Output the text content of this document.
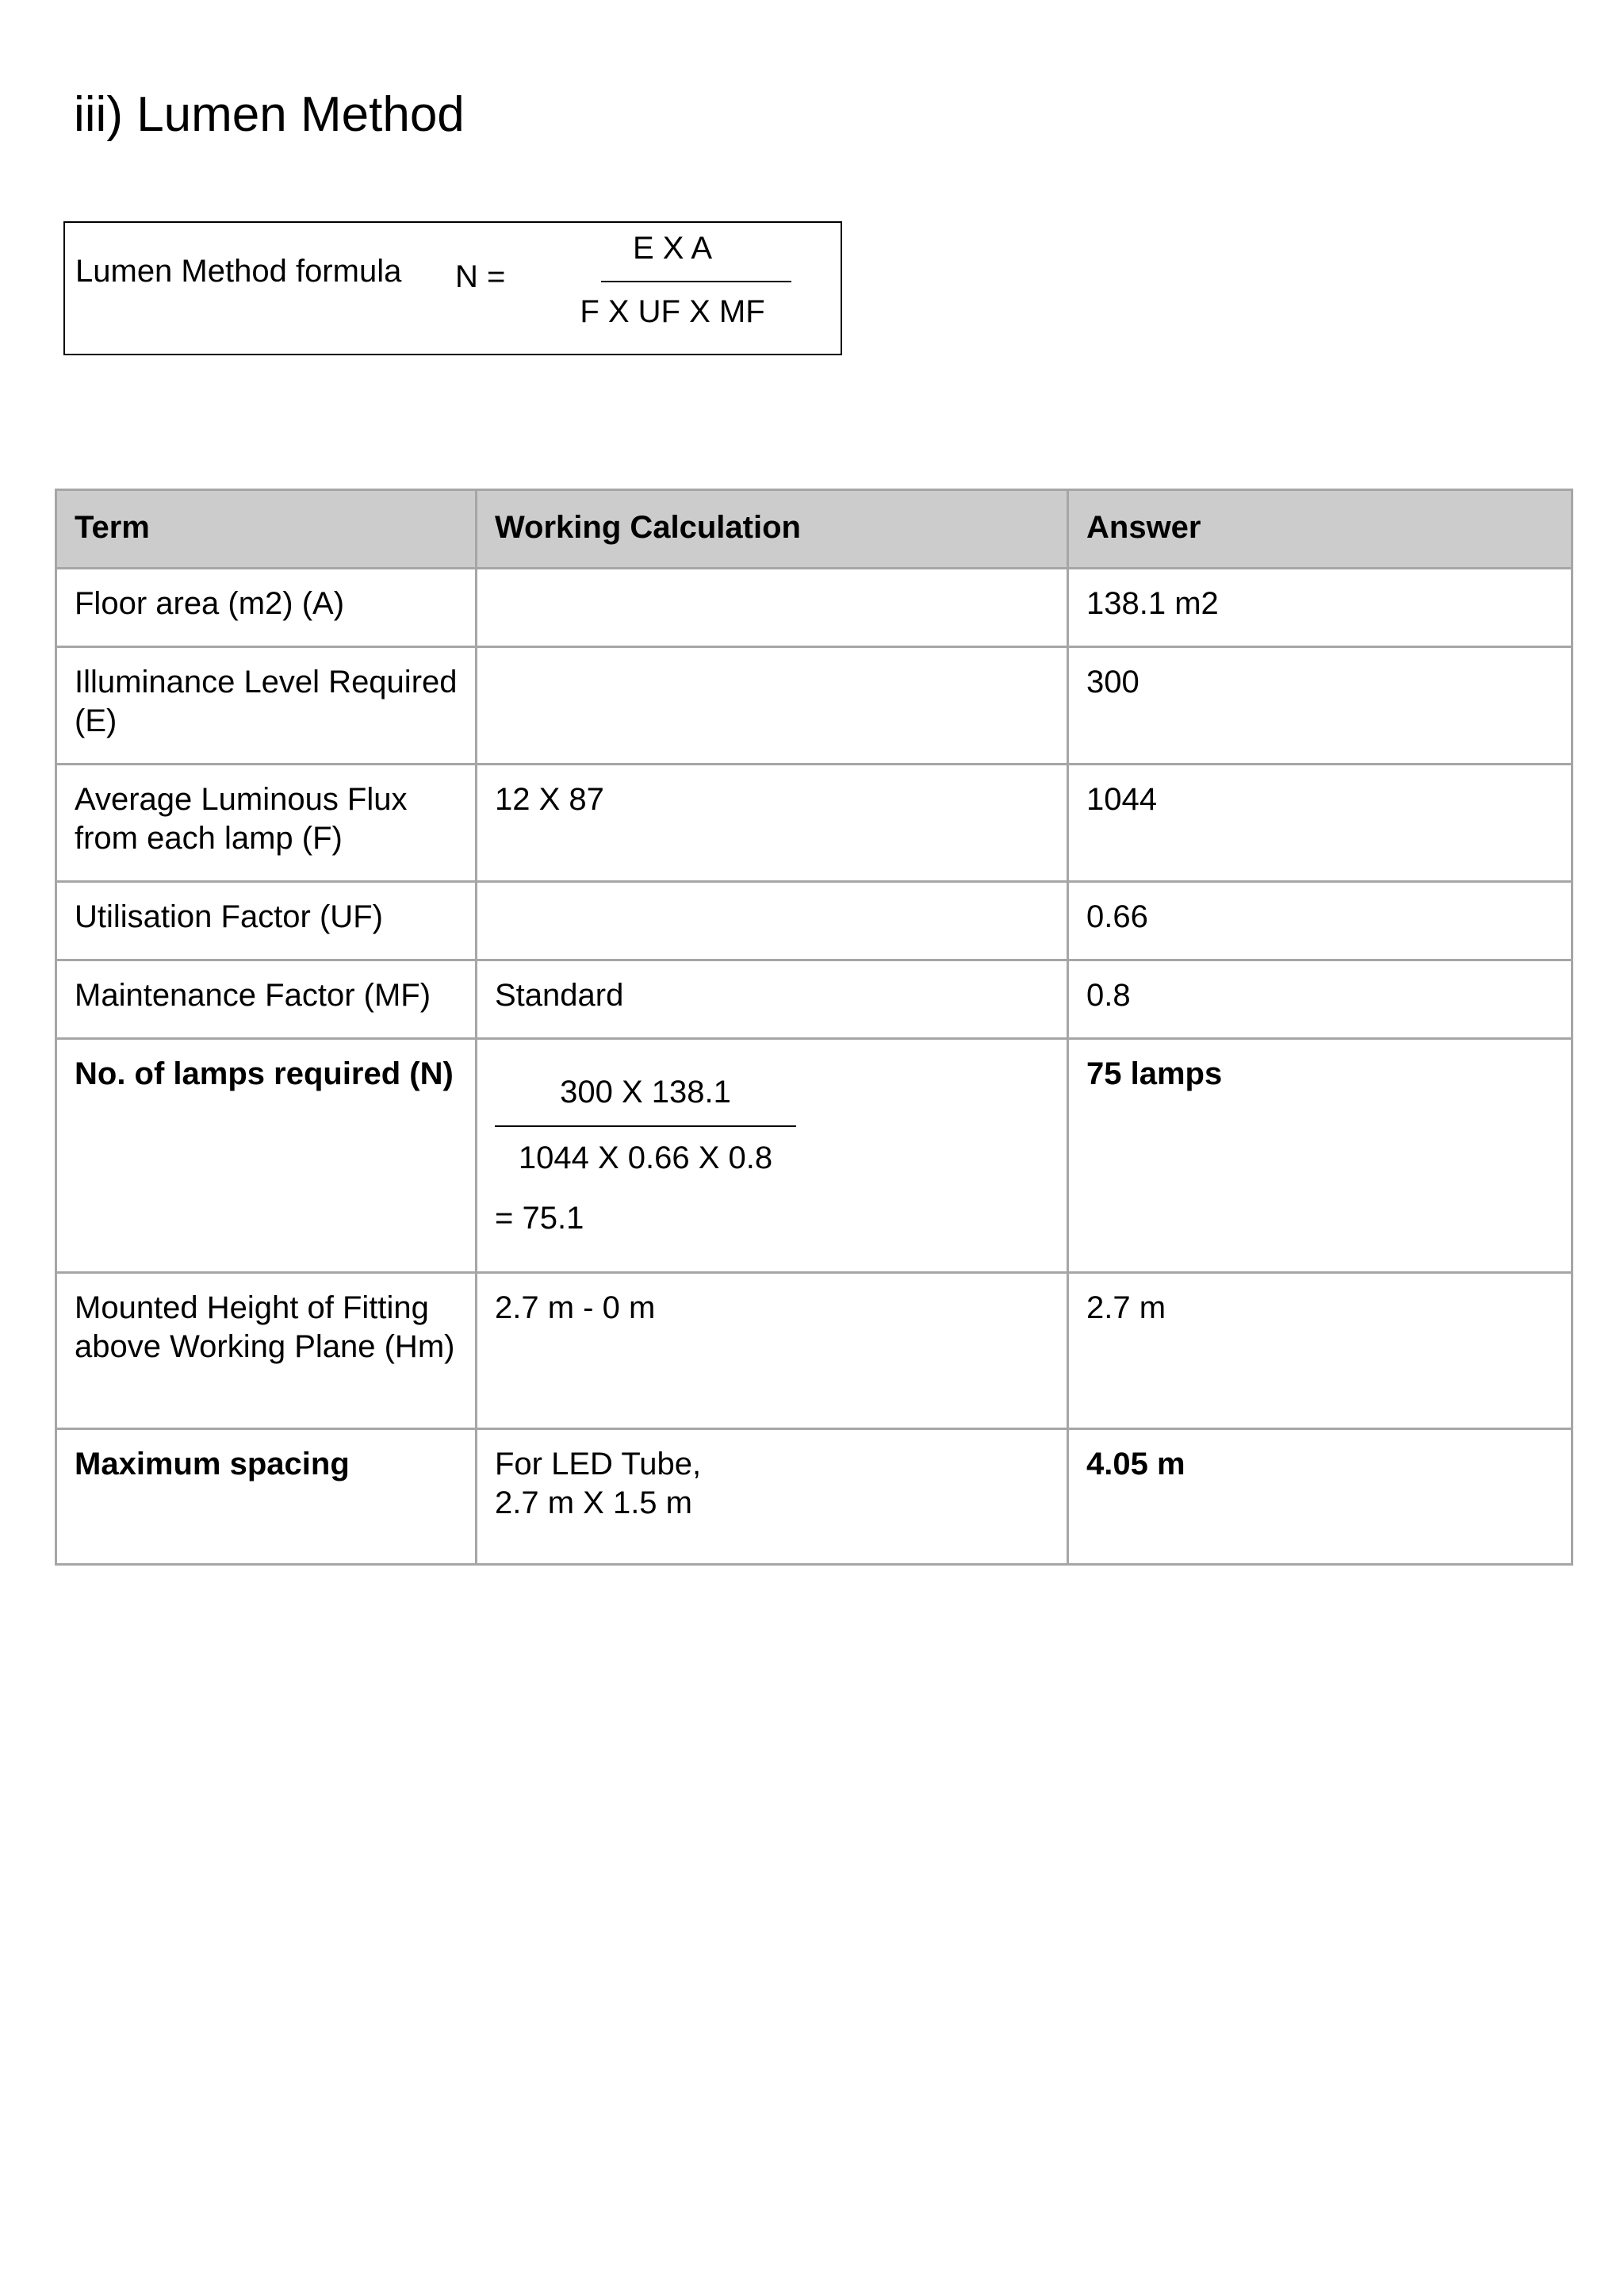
iii) Lumen Method
Lumen Method formula N =
E X A
F X UF X MF
Term	Working Calculation	Answer
Floor area (m2) (A)		138.1 m2
Illuminance Level Required (E)		300
Average Luminous Flux from each lamp (F)	12 X 87	1044
Utilisation Factor (UF)		0.66
Maintenance Factor (MF)	Standard	0.8
No. of lamps required (N)	300 X 138.1
1044 X 0.66 X 0.8
= 75.1	75 lamps
Mounted Height of Fitting above Working Plane (Hm)	2.7 m - 0 m	2.7 m
Maximum spacing	For LED Tube,
2.7 m X 1.5 m	4.05 m
